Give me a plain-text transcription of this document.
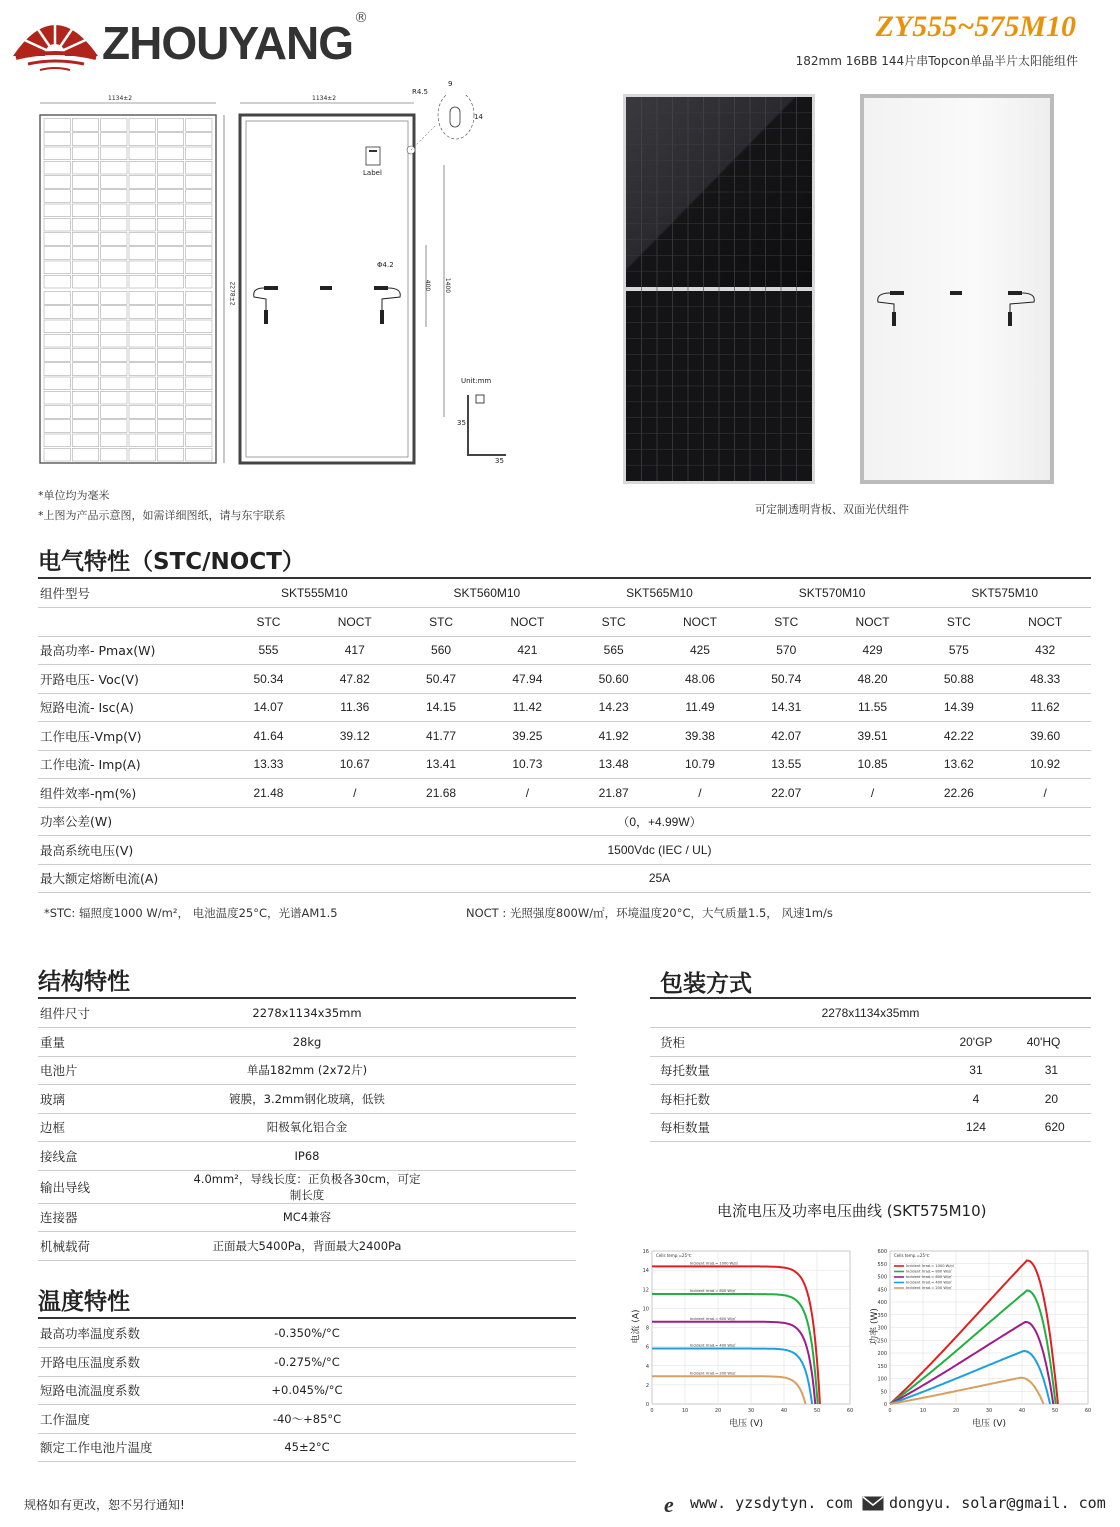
ZHOUYANG ®	ZY555~575M10
182mm 16BB 144片串Topcon单晶半片太阳能组件
1134±2
2278±2
1134±2
R4.5
9
14
Label
Φ4.2
400 1400
Unit:mm
35
35
*单位均为毫米
*上图为产品示意图，如需详细图纸，请与东宇联系	可定制透明背板、双面光伏组件
电气特性（STC/NOCT）
组件型号	SKT555M10		SKT560M10		SKT565M10		SKT570M10		SKT575M10	
	STC	NOCT	STC	NOCT	STC	NOCT	STC	NOCT	STC	NOCT
最高功率- Pmax(W)	555	417	560	421	565	425	570	429	575	432
开路电压- Voc(V)	50.34	47.82	50.47	47.94	50.60	48.06	50.74	48.20	50.88	48.33
短路电流- Isc(A)	14.07	11.36	14.15	11.42	14.23	11.49	14.31	11.55	14.39	11.62
工作电压-Vmp(V)	41.64	39.12	41.77	39.25	41.92	39.38	42.07	39.51	42.22	39.60
工作电流- Imp(A)	13.33	10.67	13.41	10.73	13.48	10.79	13.55	10.85	13.62	10.92
组件效率-ηm(%)	21.48	/	21.68	/	21.87	/	22.07	/	22.26	/
功率公差(W)	（0，+4.99W）									
最高系统电压(V)	1500Vdc (IEC / UL)									
最大额定熔断电流(A)	25A									
*STC: 辐照度1000 W/m²， 电池温度25°C，光谱AM1.5	NOCT : 光照强度800W/㎡，环境温度20°C，大气质量1.5， 风速1m/s
结构特性
组件尺寸	2278x1134x35mm
重量	28kg
电池片	单晶182mm (2x72片)
玻璃	镀膜，3.2mm钢化玻璃，低铁
边框	阳极氧化铝合金
接线盒	IP68
输出导线	4.0mm²，导线长度：正负极各30cm，可定制长度
连接器	MC4兼容
机械载荷	正面最大5400Pa，背面最大2400Pa
包装方式
2278x1134x35mm		
货柜	20'GP	40'HQ
每托数量	31	31
每柜托数	4	20
每柜数量	124	620
温度特性
最高功率温度系数	-0.350%/°C
开路电压温度系数	-0.275%/°C
短路电流温度系数	+0.045%/°C
工作温度	-40～+85°C
额定工作电池片温度	45±2°C
电流电压及功率电压曲线 (SKT575M10)
0
2
4
6
8
10
12
14
16
0	10	20	30	40	50	60
Cells temp.=25℃
Incident Irrad.= 1000 W/㎡
Incident Irrad.= 800 W/㎡
Incident Irrad.= 600 W/㎡
Incident Irrad.= 400 W/㎡
Incident Irrad.= 200 W/㎡
电流 (A)
电压 (V)
0
50
100
150
200
250
300
350
400
450
500
550
600
0	10	20	30	40	50	60
Cells temp.=25℃
Incident Irrad.= 1000 W/㎡
Incident Irrad.= 800 W/㎡
Incident Irrad.= 600 W/㎡
Incident Irrad.= 400 W/㎡
Incident Irrad.= 200 W/㎡
功率 (W)
电压 (V)
规格如有更改，恕不另行通知!	e www. yzsdytyn. com dongyu. solar@gmail. com
